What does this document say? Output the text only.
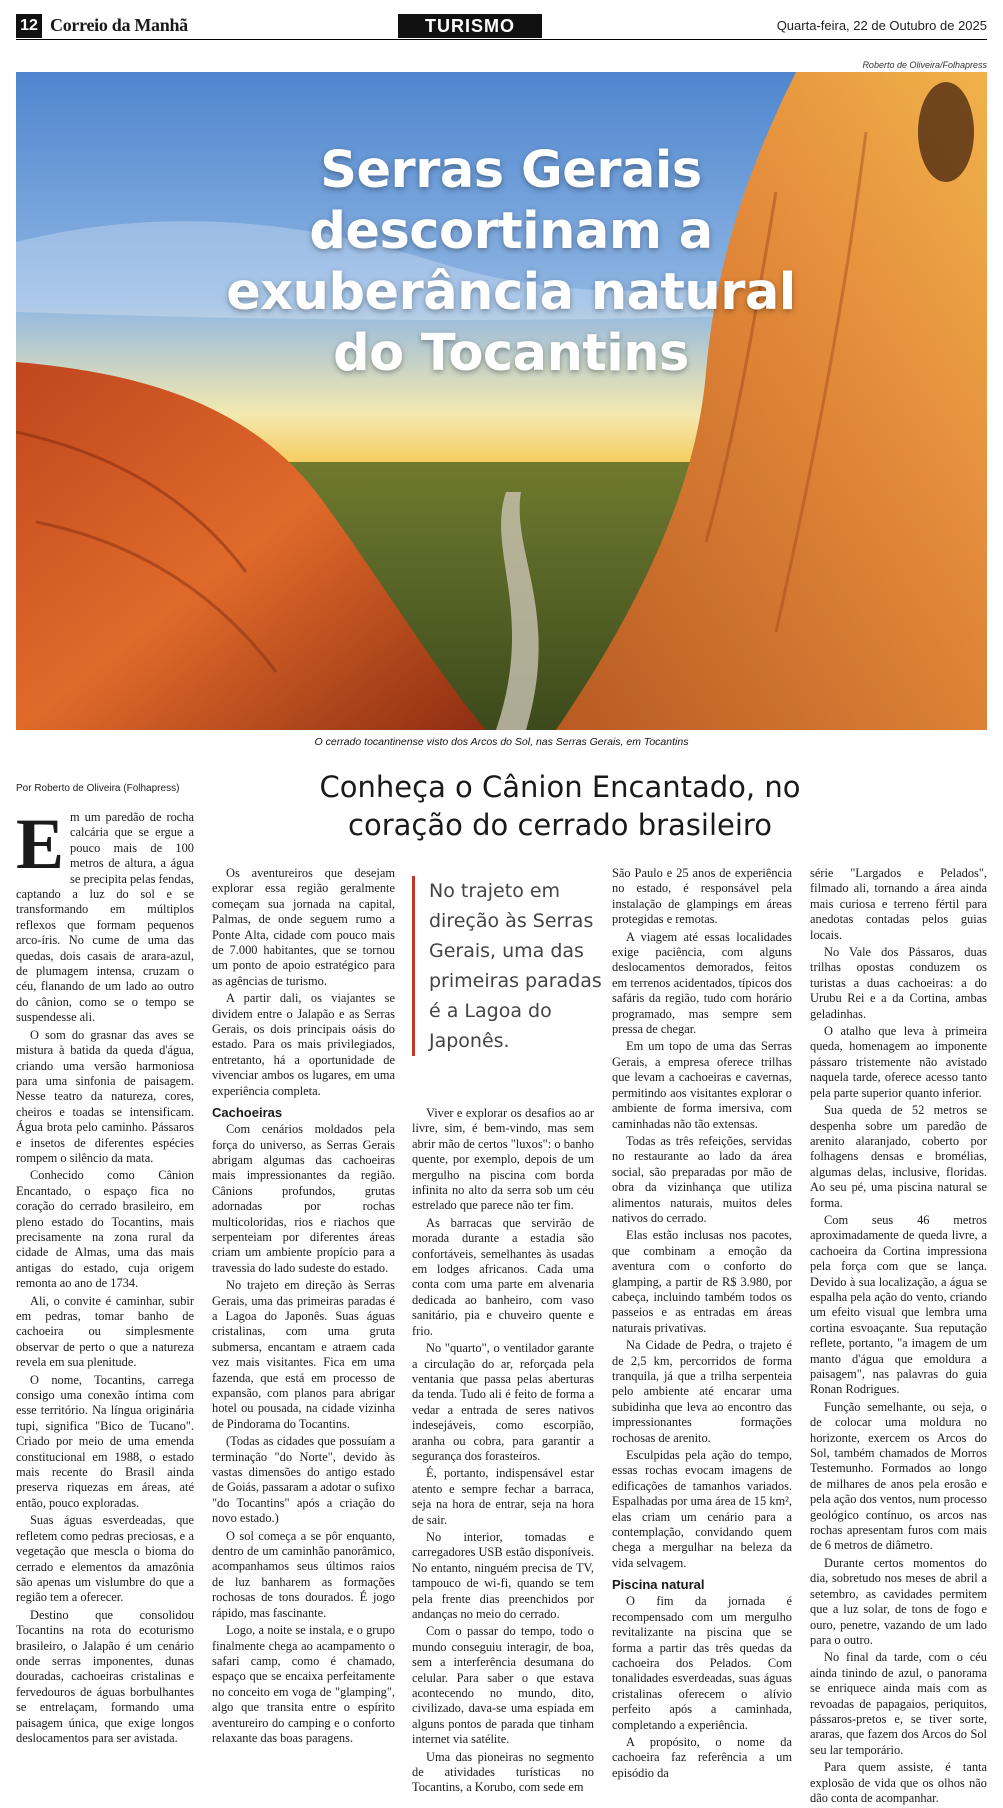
12 Correio da Manhã	TURISMO	Quarta-feira, 22 de Outubro de 2025
Roberto de Oliveira/Folhapress
Serras Gerais descortinam a exuberância natural do Tocantins
O cerrado tocantinense visto dos Arcos do Sol, nas Serras Gerais, em Tocantins
Por Roberto de Oliveira (Folhapress)	Conheça o Cânion Encantado, no coração do cerrado brasileiro

Em um paredão de rocha calcária que se ergue a pouco mais de 100 metros de altura, a água se precipita pelas fendas, captando a luz do sol e se transformando em múltiplos reflexos que formam pequenos arco-íris. No cume de uma das quedas, dois casais de arara-azul, de plumagem intensa, cruzam o céu, flanando de um lado ao outro do cânion, como se o tempo se suspendesse ali.

O som do grasnar das aves se mistura à batida da queda d'água, criando uma versão harmoniosa para uma sinfonia de paisagem. Nesse teatro da natureza, cores, cheiros e toadas se intensificam. Água brota pelo caminho. Pássaros e insetos de diferentes espécies rompem o silêncio da mata.

Conhecido como Cânion Encantado, o espaço fica no coração do cerrado brasileiro, em pleno estado do Tocantins, mais precisamente na zona rural da cidade de Almas, uma das mais antigas do estado, cuja origem remonta ao ano de 1734.

Ali, o convite é caminhar, subir em pedras, tomar banho de cachoeira ou simplesmente observar de perto o que a natureza revela em sua plenitude.

O nome, Tocantins, carrega consigo uma conexão íntima com esse território. Na língua originária tupi, significa "Bico de Tucano". Criado por meio de uma emenda constitucional em 1988, o estado mais recente do Brasil ainda preserva riquezas em áreas, até então, pouco exploradas.

Suas águas esverdeadas, que refletem como pedras preciosas, e a vegetação que mescla o bioma do cerrado e elementos da amazônia são apenas um vislumbre do que a região tem a oferecer.

Destino que consolidou Tocantins na rota do ecoturismo brasileiro, o Jalapão é um cenário onde serras imponentes, dunas douradas, cachoeiras cristalinas e fervedouros de águas borbulhantes se entrelaçam, formando uma paisagem única, que exige longos deslocamentos para ser avistada.

Os aventureiros que desejam explorar essa região geralmente começam sua jornada na capital, Palmas, de onde seguem rumo a Ponte Alta, cidade com pouco mais de 7.000 habitantes, que se tornou um ponto de apoio estratégico para as agências de turismo.

A partir dali, os viajantes se dividem entre o Jalapão e as Serras Gerais, os dois principais oásis do estado. Para os mais privilegiados, entretanto, há a oportunidade de vivenciar ambos os lugares, em uma experiência completa.

Cachoeiras

Com cenários moldados pela força do universo, as Serras Gerais abrigam algumas das cachoeiras mais impressionantes da região. Cânions profundos, grutas adornadas por rochas multicoloridas, rios e riachos que serpenteiam por diferentes áreas criam um ambiente propício para a travessia do lado sudeste do estado.

No trajeto em direção às Serras Gerais, uma das primeiras paradas é a Lagoa do Japonês. Suas águas cristalinas, com uma gruta submersa, encantam e atraem cada vez mais visitantes. Fica em uma fazenda, que está em processo de expansão, com planos para abrigar hotel ou pousada, na cidade vizinha de Pindorama do Tocantins.

(Todas as cidades que possuíam a terminação "do Norte", devido às vastas dimensões do antigo estado de Goiás, passaram a adotar o sufixo "do Tocantins" após a criação do novo estado.)

O sol começa a se pôr enquanto, dentro de um caminhão panorâmico, acompanhamos seus últimos raios de luz banharem as formações rochosas de tons dourados. É jogo rápido, mas fascinante.

Logo, a noite se instala, e o grupo finalmente chega ao acampamento o safari camp, como é chamado, espaço que se encaixa perfeitamente no conceito em voga de "glamping", algo que transita entre o espírito aventureiro do camping e o conforto relaxante das boas paragens.

No trajeto em direção às Serras Gerais, uma das primeiras paradas é a Lagoa do Japonês.

Viver e explorar os desafios ao ar livre, sim, é bem-vindo, mas sem abrir mão de certos "luxos": o banho quente, por exemplo, depois de um mergulho na piscina com borda infinita no alto da serra sob um céu estrelado que parece não ter fim.

As barracas que servirão de morada durante a estadia são confortáveis, semelhantes às usadas em lodges africanos. Cada uma conta com uma parte em alvenaria dedicada ao banheiro, com vaso sanitário, pia e chuveiro quente e frio.

No "quarto", o ventilador garante a circulação do ar, reforçada pela ventania que passa pelas aberturas da tenda. Tudo ali é feito de forma a vedar a entrada de seres nativos indesejáveis, como escorpião, aranha ou cobra, para garantir a segurança dos forasteiros.

É, portanto, indispensável estar atento e sempre fechar a barraca, seja na hora de entrar, seja na hora de sair.

No interior, tomadas e carregadores USB estão disponíveis. No entanto, ninguém precisa de TV, tampouco de wi-fi, quando se tem pela frente dias preenchidos por andanças no meio do cerrado.

Com o passar do tempo, todo o mundo conseguiu interagir, de boa, sem a interferência desumana do celular. Para saber o que estava acontecendo no mundo, dito, civilizado, dava-se uma espiada em alguns pontos de parada que tinham internet via satélite.

Uma das pioneiras no segmento de atividades turísticas no Tocantins, a Korubo, com sede em

São Paulo e 25 anos de experiência no estado, é responsável pela instalação de glampings em áreas protegidas e remotas.

A viagem até essas localidades exige paciência, com alguns deslocamentos demorados, feitos em terrenos acidentados, típicos dos safáris da região, tudo com horário programado, mas sempre sem pressa de chegar.

Em um topo de uma das Serras Gerais, a empresa oferece trilhas que levam a cachoeiras e cavernas, permitindo aos visitantes explorar o ambiente de forma imersiva, com caminhadas não tão extensas.

Todas as três refeições, servidas no restaurante ao lado da área social, são preparadas por mão de obra da vizinhança que utiliza alimentos naturais, muitos deles nativos do cerrado.

Elas estão inclusas nos pacotes, que combinam a emoção da aventura com o conforto do glamping, a partir de R$ 3.980, por cabeça, incluindo também todos os passeios e as entradas em áreas naturais privativas.

Na Cidade de Pedra, o trajeto é de 2,5 km, percorridos de forma tranquila, já que a trilha serpenteia pelo ambiente até encarar uma subidinha que leva ao encontro das impressionantes formações rochosas de arenito.

Esculpidas pela ação do tempo, essas rochas evocam imagens de edificações de tamanhos variados. Espalhadas por uma área de 15 km², elas criam um cenário para a contemplação, convidando quem chega a mergulhar na beleza da vida selvagem.

Piscina natural

O fim da jornada é recompensado com um mergulho revitalizante na piscina que se forma a partir das três quedas da cachoeira dos Pelados. Com tonalidades esverdeadas, suas águas cristalinas oferecem o alívio perfeito após a caminhada, completando a experiência.

A propósito, o nome da cachoeira faz referência a um episódio da

série "Largados e Pelados", filmado ali, tornando a área ainda mais curiosa e terreno fértil para anedotas contadas pelos guias locais.

No Vale dos Pássaros, duas trilhas opostas conduzem os turistas a duas cachoeiras: a do Urubu Rei e a da Cortina, ambas geladinhas.

O atalho que leva à primeira queda, homenagem ao imponente pássaro tristemente não avistado naquela tarde, oferece acesso tanto pela parte superior quanto inferior.

Sua queda de 52 metros se despenha sobre um paredão de arenito alaranjado, coberto por folhagens densas e bromélias, algumas delas, inclusive, floridas. Ao seu pé, uma piscina natural se forma.

Com seus 46 metros aproximadamente de queda livre, a cachoeira da Cortina impressiona pela força com que se lança. Devido à sua localização, a água se espalha pela ação do vento, criando um efeito visual que lembra uma cortina esvoaçante. Sua reputação reflete, portanto, "a imagem de um manto d'água que emoldura a paisagem", nas palavras do guia Ronan Rodrigues.

Função semelhante, ou seja, o de colocar uma moldura no horizonte, exercem os Arcos do Sol, também chamados de Morros Testemunho. Formados ao longo de milhares de anos pela erosão e pela ação dos ventos, num processo geológico contínuo, os arcos nas rochas apresentam furos com mais de 6 metros de diâmetro.

Durante certos momentos do dia, sobretudo nos meses de abril a setembro, as cavidades permitem que a luz solar, de tons de fogo e ouro, penetre, vazando de um lado para o outro.

No final da tarde, com o céu ainda tinindo de azul, o panorama se enriquece ainda mais com as revoadas de papagaios, periquitos, pássaros-pretos e, se tiver sorte, araras, que fazem dos Arcos do Sol seu lar temporário.

Para quem assiste, é tanta explosão de vida que os olhos não dão conta de acompanhar.
